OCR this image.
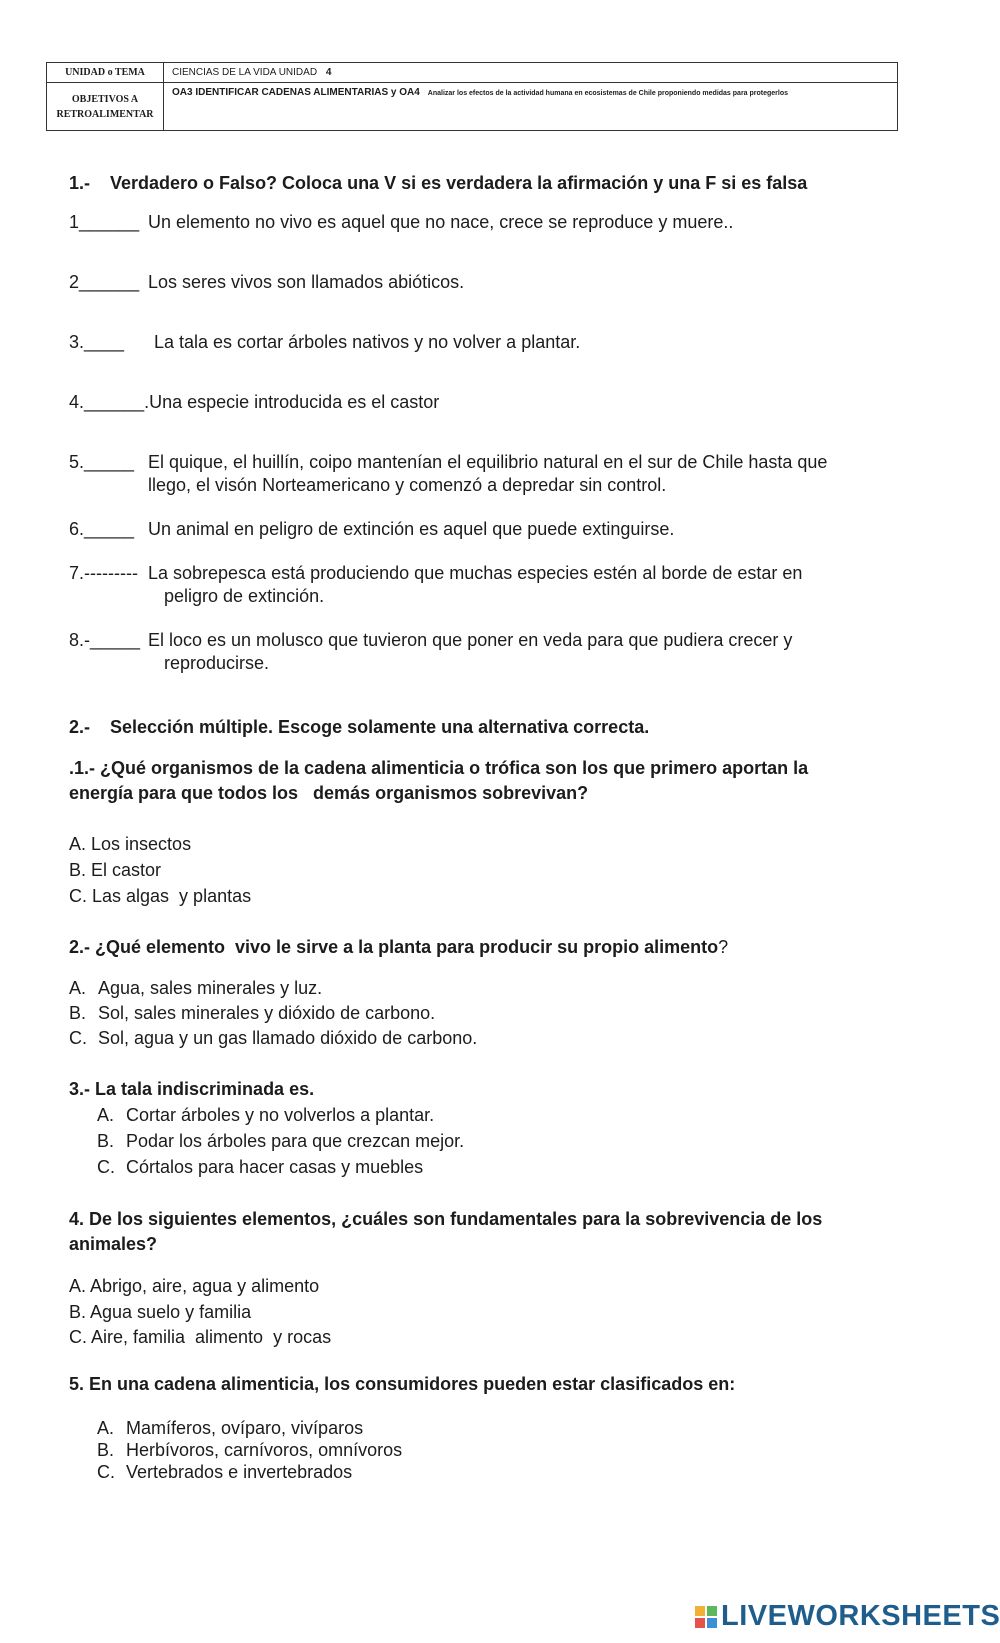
UNIDAD o TEMA	CIENCIAS DE LA VIDA UNIDAD 4
OBJETIVOS A RETROALIMENTAR	OA3 IDENTIFICAR CADENAS ALIMENTARIAS y OA4 Analizar los efectos de la actividad humana en ecosistemas de Chile proponiendo medidas para protegerlos
1.-    Verdadero o Falso? Coloca una V si es verdadera la afirmación y una F si es falsa
1______ Un elemento no vivo es aquel que no nace, crece se reproduce y muere..
2______ Los seres vivos son llamados abióticos.
3.____ La tala es cortar árboles nativos y no volver a plantar.
4.______.Una especie introducida es el castor
5._____ El quique, el huillín, coipo mantenían el equilibrio natural en el sur de Chile hasta que
llego, el visón Norteamericano y comenzó a depredar sin control.
6._____ Un animal en peligro de extinción es aquel que puede extinguirse.
7.--------- La sobrepesca está produciendo que muchas especies estén al borde de estar en
peligro de extinción.
8.-_____ El loco es un molusco que tuvieron que poner en veda para que pudiera crecer y
reproducirse.
2.-    Selección múltiple. Escoge solamente una alternativa correcta.
.1.- ¿Qué organismos de la cadena alimenticia o trófica son los que primero aportan la
energía para que todos los   demás organismos sobrevivan?
A. Los insectos
B. El castor
C. Las algas  y plantas
2.- ¿Qué elemento  vivo le sirve a la planta para producir su propio alimento?
A. Agua, sales minerales y luz.
B. Sol, sales minerales y dióxido de carbono.
C. Sol, agua y un gas llamado dióxido de carbono.
3.- La tala indiscriminada es.
A. Cortar árboles y no volverlos a plantar.
B. Podar los árboles para que crezcan mejor.
C. Córtalos para hacer casas y muebles
4. De los siguientes elementos, ¿cuáles son fundamentales para la sobrevivencia de los
animales?
A. Abrigo, aire, agua y alimento
B. Agua suelo y familia
C. Aire, familia  alimento  y rocas
5. En una cadena alimenticia, los consumidores pueden estar clasificados en:
A. Mamíferos, ovíparo, vivíparos
B. Herbívoros, carnívoros, omnívoros
C. Vertebrados e invertebrados
LIVEWORKSHEETS
